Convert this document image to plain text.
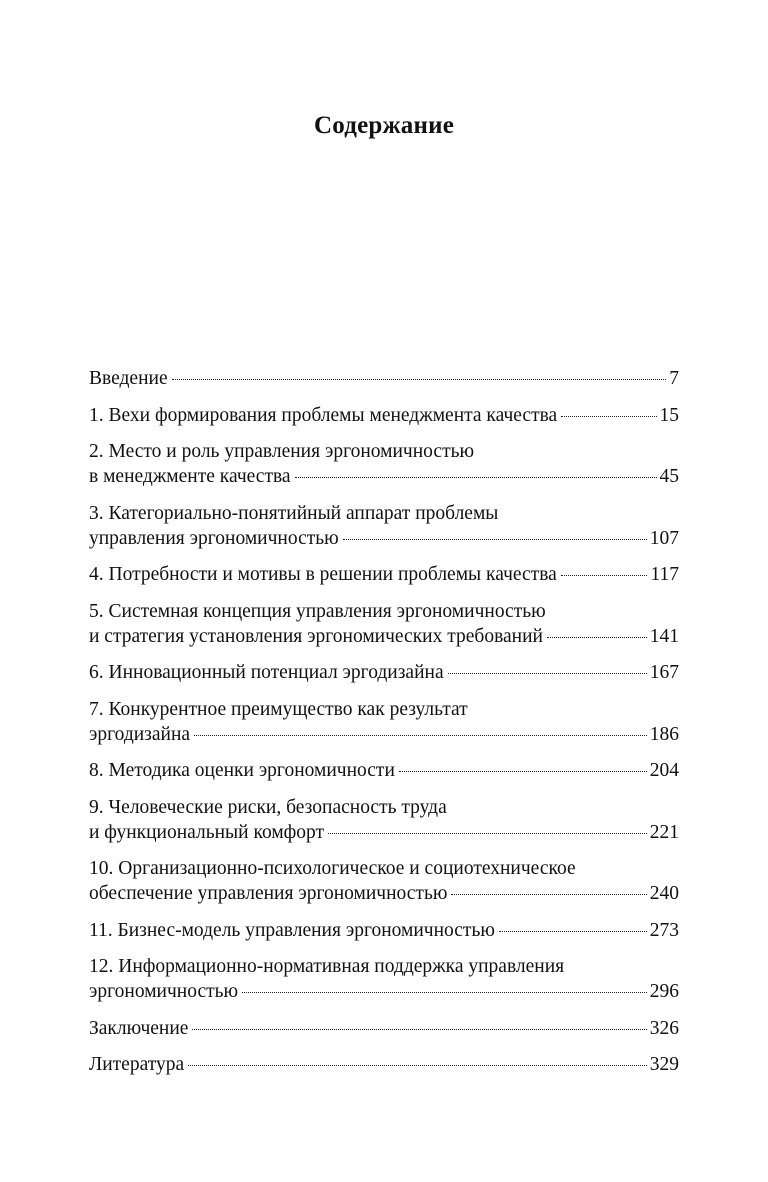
Содержание
Введение	7
1. Вехи формирования проблемы менеджмента качества	15
2. Место и роль управления эргономичностью
в менеджменте качества	45
3. Категориально-понятийный аппарат проблемы
управления эргономичностью	107
4. Потребности и мотивы в решении проблемы качества	117
5. Системная концепция управления эргономичностью
и стратегия установления эргономических требований	141
6. Инновационный потенциал эргодизайна	167
7. Конкурентное преимущество как результат
эргодизайна	186
8. Методика оценки эргономичности	204
9. Человеческие риски, безопасность труда
и функциональный комфорт	221
10. Организационно-психологическое и социотехническое
обеспечение управления эргономичностью	240
11. Бизнес-модель управления эргономичностью	273
12. Информационно-нормативная поддержка управления
эргономичностью	296
Заключение	326
Литература	329
